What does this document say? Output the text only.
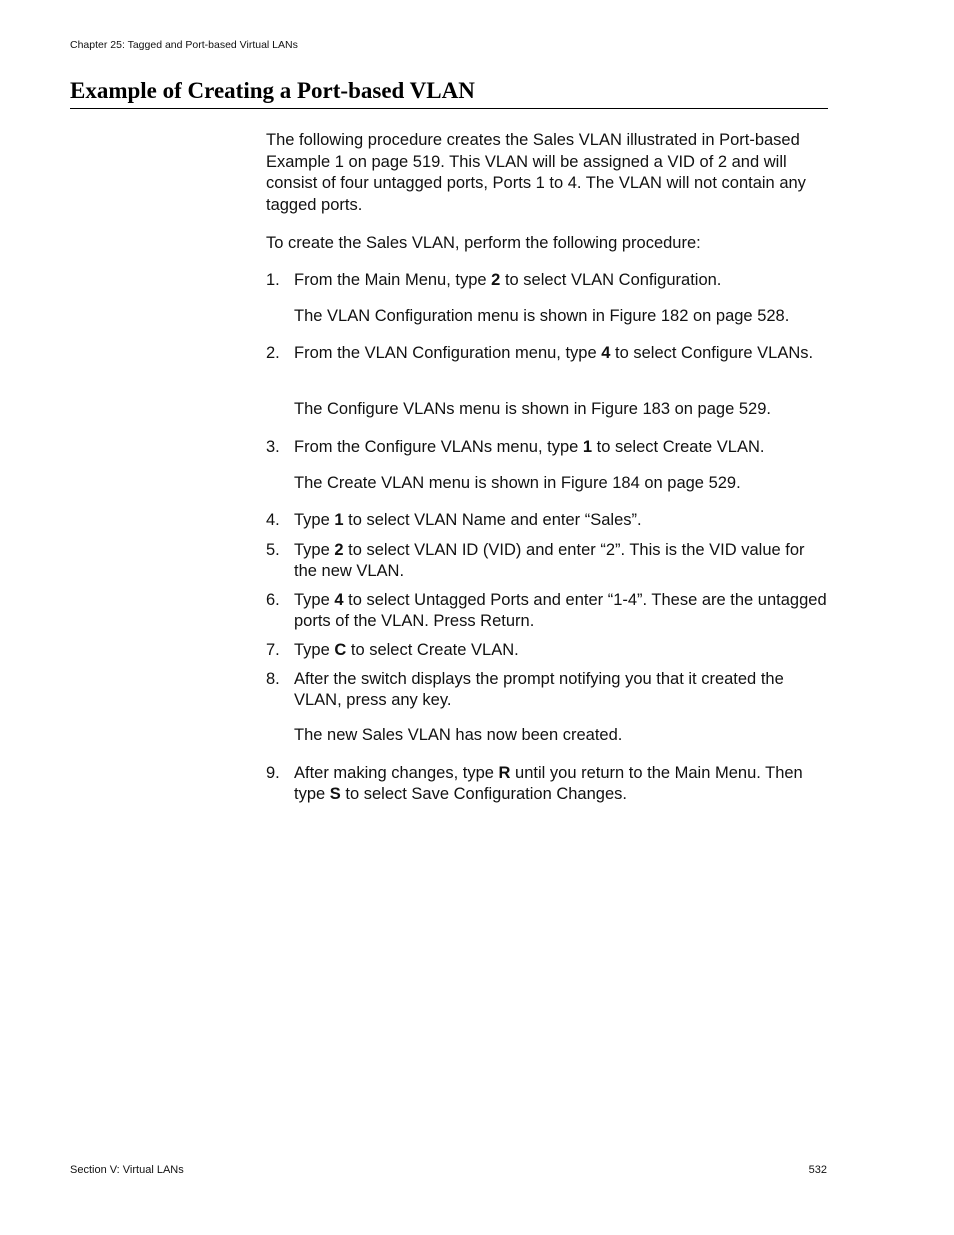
Chapter 25: Tagged and Port-based Virtual LANs
Example of Creating a Port-based VLAN

The following procedure creates the Sales VLAN illustrated in Port-based Example 1 on page 519. This VLAN will be assigned a VID of 2 and will consist of four untagged ports, Ports 1 to 4. The VLAN will not contain any tagged ports.

To create the Sales VLAN, perform the following procedure:

1. From the Main Menu, type 2 to select VLAN Configuration.
The VLAN Configuration menu is shown in Figure 182 on page 528.
2. From the VLAN Configuration menu, type 4 to select Configure VLANs.
The Configure VLANs menu is shown in Figure 183 on page 529.
3. From the Configure VLANs menu, type 1 to select Create VLAN.
The Create VLAN menu is shown in Figure 184 on page 529.
4. Type 1 to select VLAN Name and enter “Sales”.
5. Type 2 to select VLAN ID (VID) and enter “2”. This is the VID value for the new VLAN.
6. Type 4 to select Untagged Ports and enter “1-4”. These are the untagged ports of the VLAN. Press Return.
7. Type C to select Create VLAN.
8. After the switch displays the prompt notifying you that it created the VLAN, press any key.
The new Sales VLAN has now been created.
9. After making changes, type R until you return to the Main Menu. Then type S to select Save Configuration Changes.
Section V: Virtual LANs	532
